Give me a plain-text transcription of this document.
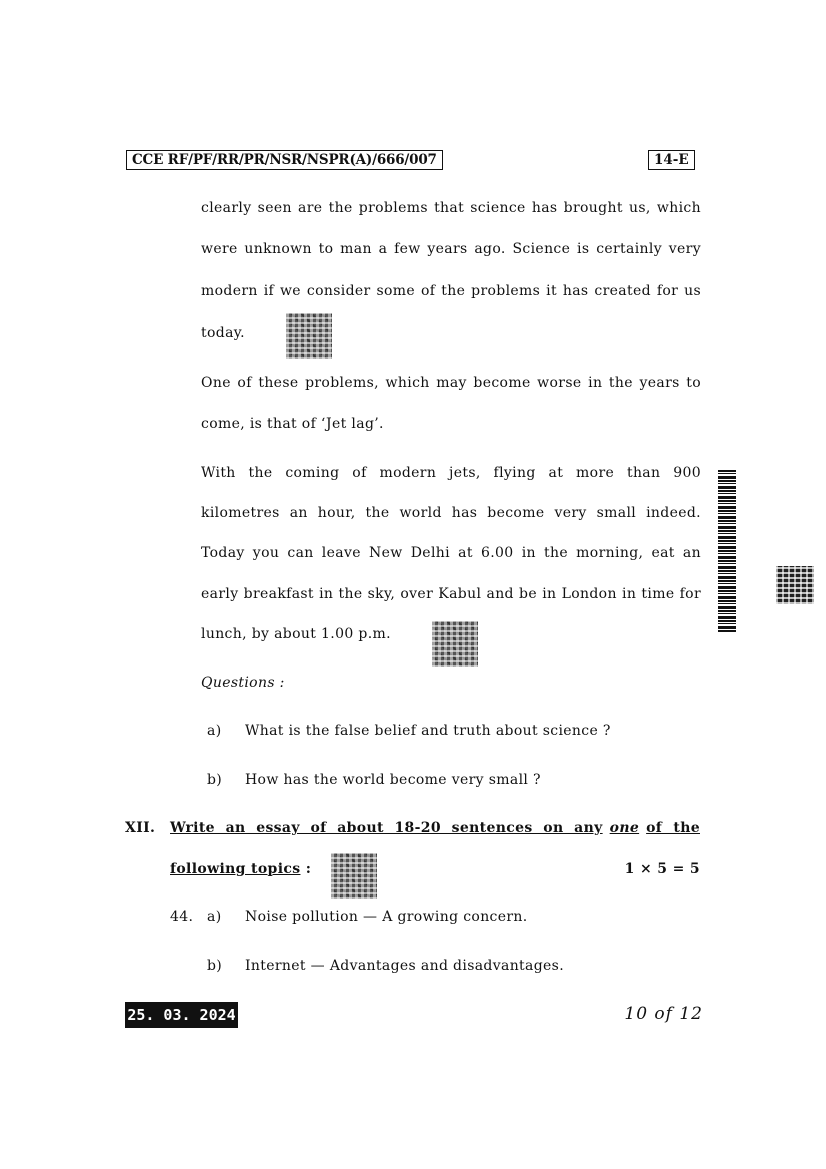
CCE RF/PF/RR/PR/NSR/NSPR(A)/666/007	14-E
clearly seen are the problems that science has brought us, which
were unknown to man a few years ago. Science is certainly very
modern if we consider some of the problems it has created for us
today.
One of these problems, which may become worse in the years to
come, is that of ‘Jet lag’.
With the coming of modern jets, flying at more than 900
kilometres an hour, the world has become very small indeed.
Today you can leave New Delhi at 6.00 in the morning, eat an
early breakfast in the sky, over Kabul and be in London in time for
lunch, by about 1.00 p.m.
Questions :
a) What is the false belief and truth about science ?
b) How has the world become very small ?
XII. Write an essay of about 18-20 sentences on any one of the
following topics :	1 × 5 = 5
44. a) Noise pollution — A growing concern.
b) Internet — Advantages and disadvantages.
25. 03. 2024	10 of 12
